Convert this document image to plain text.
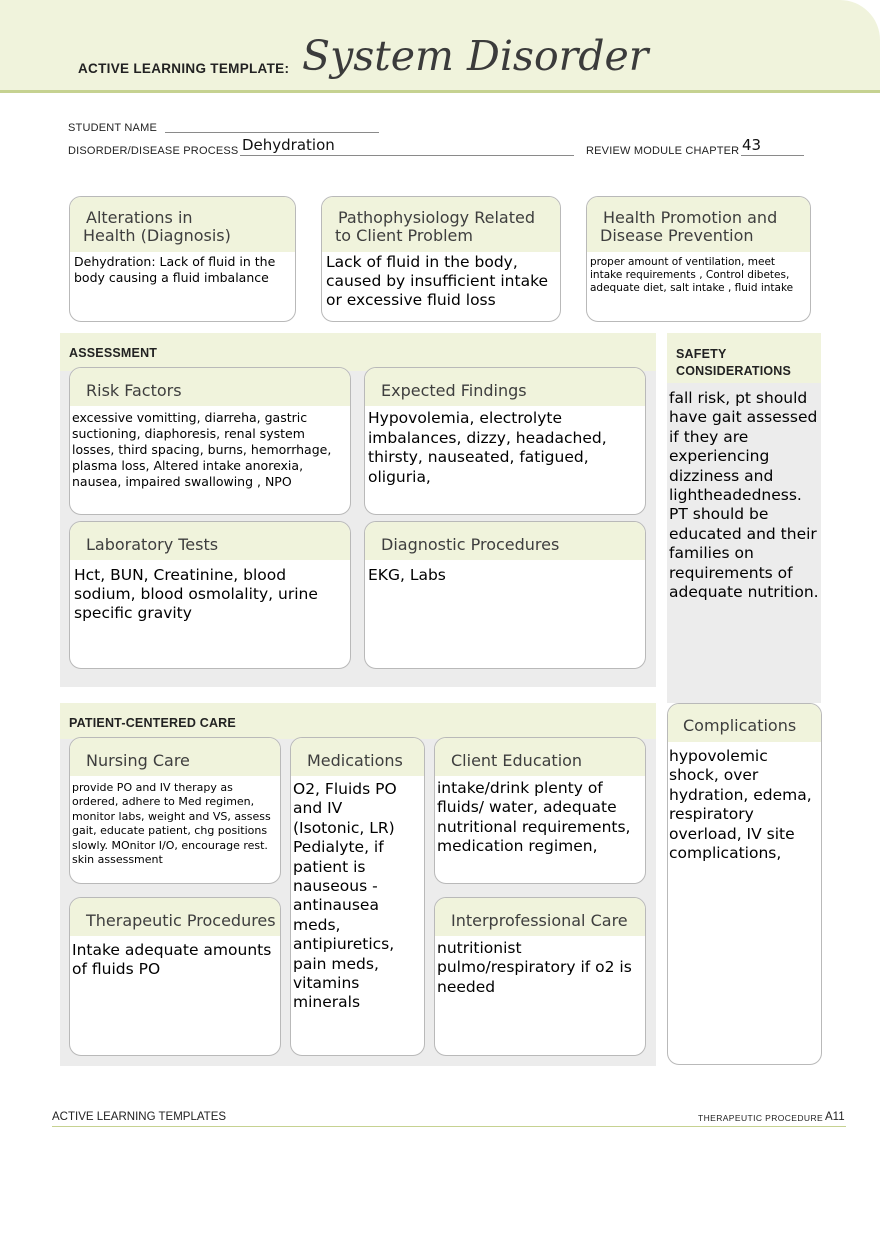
ACTIVE LEARNING TEMPLATE: System Disorder
STUDENT NAME
DISORDER/DISEASE PROCESS Dehydration	REVIEW MODULE CHAPTER 43
Alterations in
Health (Diagnosis)
Dehydration: Lack of fluid in the body causing a fluid imbalance
Pathophysiology Related
to Client Problem
Lack of fluid in the body, caused by insufficient intake or excessive fluid loss
Health Promotion and
Disease Prevention
proper amount of ventilation, meet intake requirements , Control dibetes, adequate diet, salt intake , fluid intake
ASSESSMENT
Risk Factors
excessive vomitting, diarreha, gastric suctioning, diaphoresis, renal system losses, third spacing, burns, hemorrhage, plasma loss, Altered intake anorexia, nausea, impaired swallowing , NPO
Expected Findings
Hypovolemia, electrolyte imbalances, dizzy, headached, thirsty, nauseated, fatigued, oliguria,
Laboratory Tests
Hct, BUN, Creatinine, blood sodium, blood osmolality, urine specific gravity
Diagnostic Procedures
EKG, Labs
SAFETY
CONSIDERATIONS
fall risk, pt should have gait assessed if they are experiencing dizziness and lightheadedness. PT should be educated and their families on requirements of adequate nutrition.
PATIENT-CENTERED CARE
Nursing Care
provide PO and IV therapy as ordered, adhere to Med regimen, monitor labs, weight and VS, assess gait, educate patient, chg positions slowly. MOnitor I/O, encourage rest. skin assessment
Medications
O2, Fluids PO and IV (Isotonic, LR) Pedialyte, if patient is nauseous - antinausea meds, antipiuretics, pain meds, vitamins minerals
Client Education
intake/drink plenty of fluids/ water, adequate nutritional requirements, medication regimen,
Therapeutic Procedures
Intake adequate amounts of fluids PO
Interprofessional Care
nutritionist pulmo/respiratory if o2 is needed
Complications
hypovolemic shock, over hydration, edema, respiratory overload, IV site complications,
ACTIVE LEARNING TEMPLATES	THERAPEUTIC PROCEDURE A11
